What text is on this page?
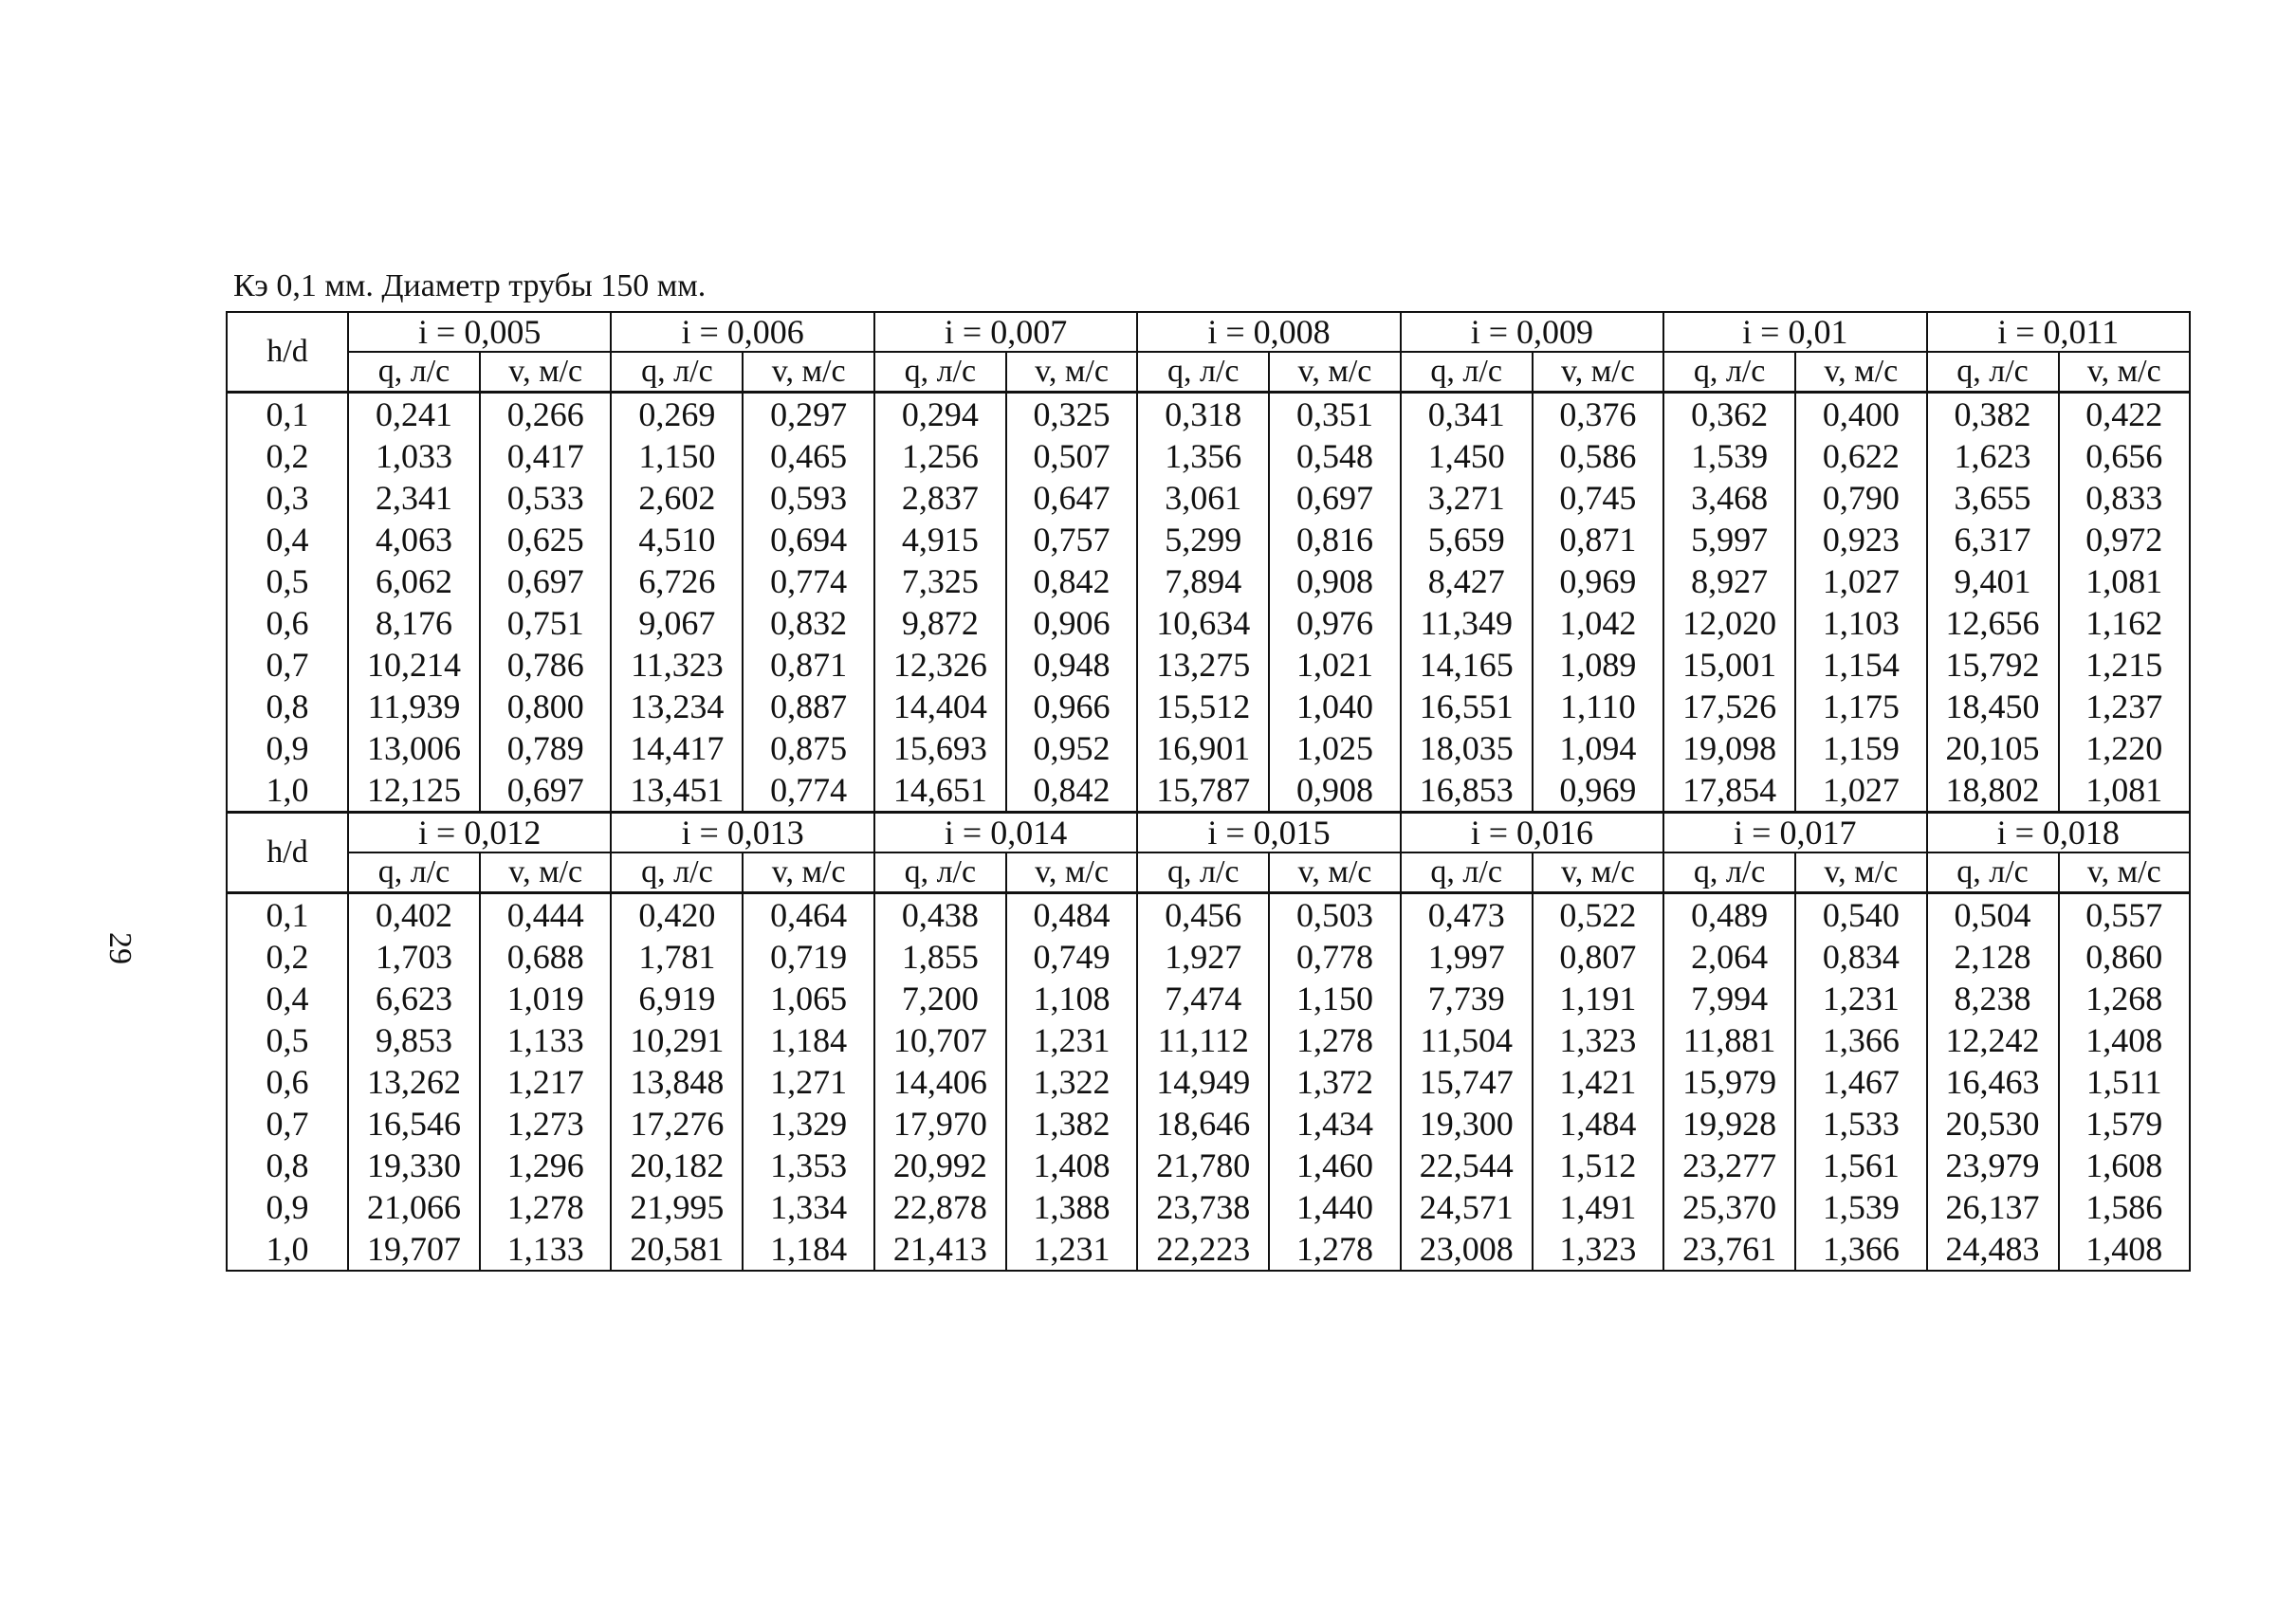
Кэ 0,1 мм. Диаметр трубы 150 мм.
29
h/d	i = 0,005		i = 0,006		i = 0,007		i = 0,008		i = 0,009		i = 0,01		i = 0,011	
	q, л/с	v, м/с	q, л/с	v, м/с	q, л/с	v, м/с	q, л/с	v, м/с	q, л/с	v, м/с	q, л/с	v, м/с	q, л/с	v, м/с
0,1	0,241	0,266	0,269	0,297	0,294	0,325	0,318	0,351	0,341	0,376	0,362	0,400	0,382	0,422
0,2	1,033	0,417	1,150	0,465	1,256	0,507	1,356	0,548	1,450	0,586	1,539	0,622	1,623	0,656
0,3	2,341	0,533	2,602	0,593	2,837	0,647	3,061	0,697	3,271	0,745	3,468	0,790	3,655	0,833
0,4	4,063	0,625	4,510	0,694	4,915	0,757	5,299	0,816	5,659	0,871	5,997	0,923	6,317	0,972
0,5	6,062	0,697	6,726	0,774	7,325	0,842	7,894	0,908	8,427	0,969	8,927	1,027	9,401	1,081
0,6	8,176	0,751	9,067	0,832	9,872	0,906	10,634	0,976	11,349	1,042	12,020	1,103	12,656	1,162
0,7	10,214	0,786	11,323	0,871	12,326	0,948	13,275	1,021	14,165	1,089	15,001	1,154	15,792	1,215
0,8	11,939	0,800	13,234	0,887	14,404	0,966	15,512	1,040	16,551	1,110	17,526	1,175	18,450	1,237
0,9	13,006	0,789	14,417	0,875	15,693	0,952	16,901	1,025	18,035	1,094	19,098	1,159	20,105	1,220
1,0	12,125	0,697	13,451	0,774	14,651	0,842	15,787	0,908	16,853	0,969	17,854	1,027	18,802	1,081
h/d	i = 0,012		i = 0,013		i = 0,014		i = 0,015		i = 0,016		i = 0,017		i = 0,018	
	q, л/с	v, м/с	q, л/с	v, м/с	q, л/с	v, м/с	q, л/с	v, м/с	q, л/с	v, м/с	q, л/с	v, м/с	q, л/с	v, м/с
0,1	0,402	0,444	0,420	0,464	0,438	0,484	0,456	0,503	0,473	0,522	0,489	0,540	0,504	0,557
0,2	1,703	0,688	1,781	0,719	1,855	0,749	1,927	0,778	1,997	0,807	2,064	0,834	2,128	0,860
0,4	6,623	1,019	6,919	1,065	7,200	1,108	7,474	1,150	7,739	1,191	7,994	1,231	8,238	1,268
0,5	9,853	1,133	10,291	1,184	10,707	1,231	11,112	1,278	11,504	1,323	11,881	1,366	12,242	1,408
0,6	13,262	1,217	13,848	1,271	14,406	1,322	14,949	1,372	15,747	1,421	15,979	1,467	16,463	1,511
0,7	16,546	1,273	17,276	1,329	17,970	1,382	18,646	1,434	19,300	1,484	19,928	1,533	20,530	1,579
0,8	19,330	1,296	20,182	1,353	20,992	1,408	21,780	1,460	22,544	1,512	23,277	1,561	23,979	1,608
0,9	21,066	1,278	21,995	1,334	22,878	1,388	23,738	1,440	24,571	1,491	25,370	1,539	26,137	1,586
1,0	19,707	1,133	20,581	1,184	21,413	1,231	22,223	1,278	23,008	1,323	23,761	1,366	24,483	1,408
